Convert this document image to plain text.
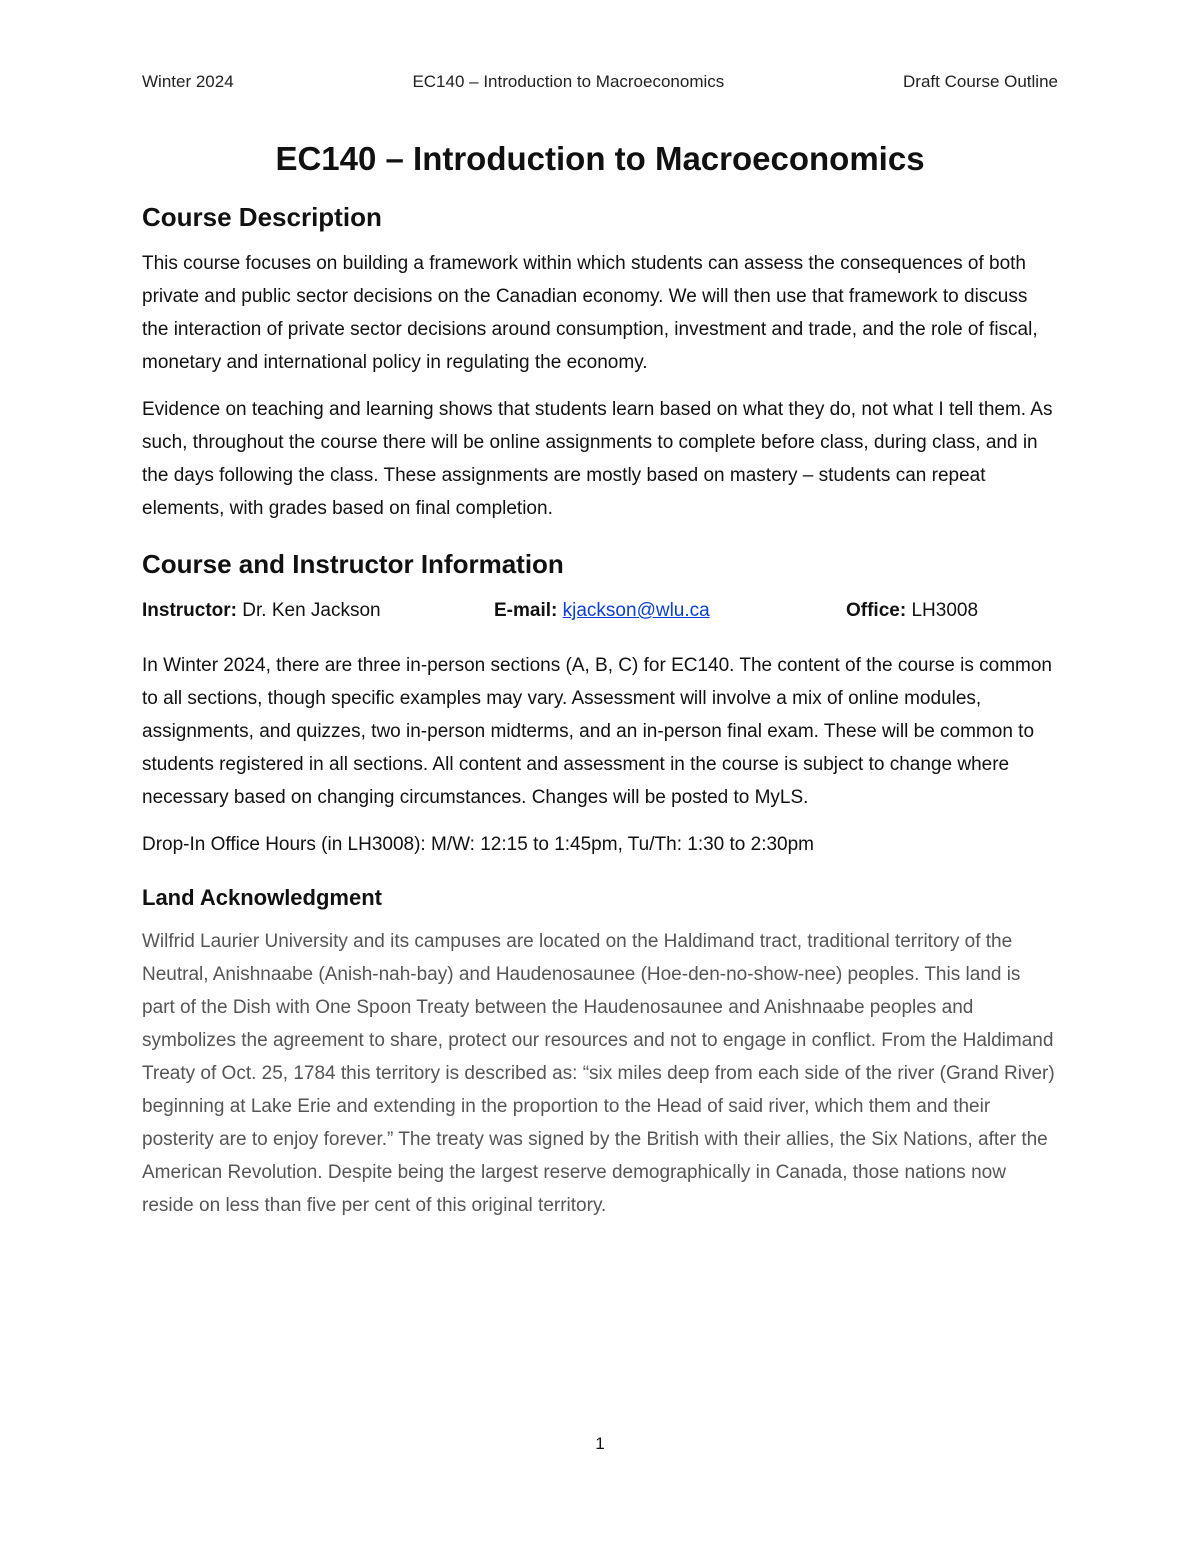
Winter 2024	EC140 – Introduction to Macroeconomics	Draft Course Outline
EC140 – Introduction to Macroeconomics
Course Description

This course focuses on building a framework within which students can assess the consequences of both private and public sector decisions on the Canadian economy. We will then use that framework to discuss the interaction of private sector decisions around consumption, investment and trade, and the role of fiscal, monetary and international policy in regulating the economy.

Evidence on teaching and learning shows that students learn based on what they do, not what I tell them. As such, throughout the course there will be online assignments to complete before class, during class, and in the days following the class. These assignments are mostly based on mastery – students can repeat elements, with grades based on final completion.

Course and Instructor Information
Instructor: Dr. Ken Jackson	E-mail: kjackson@wlu.ca	Office: LH3008

In Winter 2024, there are three in-person sections (A, B, C) for EC140. The content of the course is common to all sections, though specific examples may vary. Assessment will involve a mix of online modules, assignments, and quizzes, two in-person midterms, and an in-person final exam. These will be common to students registered in all sections. All content and assessment in the course is subject to change where necessary based on changing circumstances. Changes will be posted to MyLS.

Drop-In Office Hours (in LH3008): M/W: 12:15 to 1:45pm, Tu/Th: 1:30 to 2:30pm

Land Acknowledgment

Wilfrid Laurier University and its campuses are located on the Haldimand tract, traditional territory of the Neutral, Anishnaabe (Anish-nah-bay) and Haudenosaunee (Hoe-den-no-show-nee) peoples. This land is part of the Dish with One Spoon Treaty between the Haudenosaunee and Anishnaabe peoples and symbolizes the agreement to share, protect our resources and not to engage in conflict. From the Haldimand Treaty of Oct. 25, 1784 this territory is described as: “six miles deep from each side of the river (Grand River) beginning at Lake Erie and extending in the proportion to the Head of said river, which them and their posterity are to enjoy forever.” The treaty was signed by the British with their allies, the Six Nations, after the American Revolution. Despite being the largest reserve demographically in Canada, those nations now reside on less than five per cent of this original territory.

1
